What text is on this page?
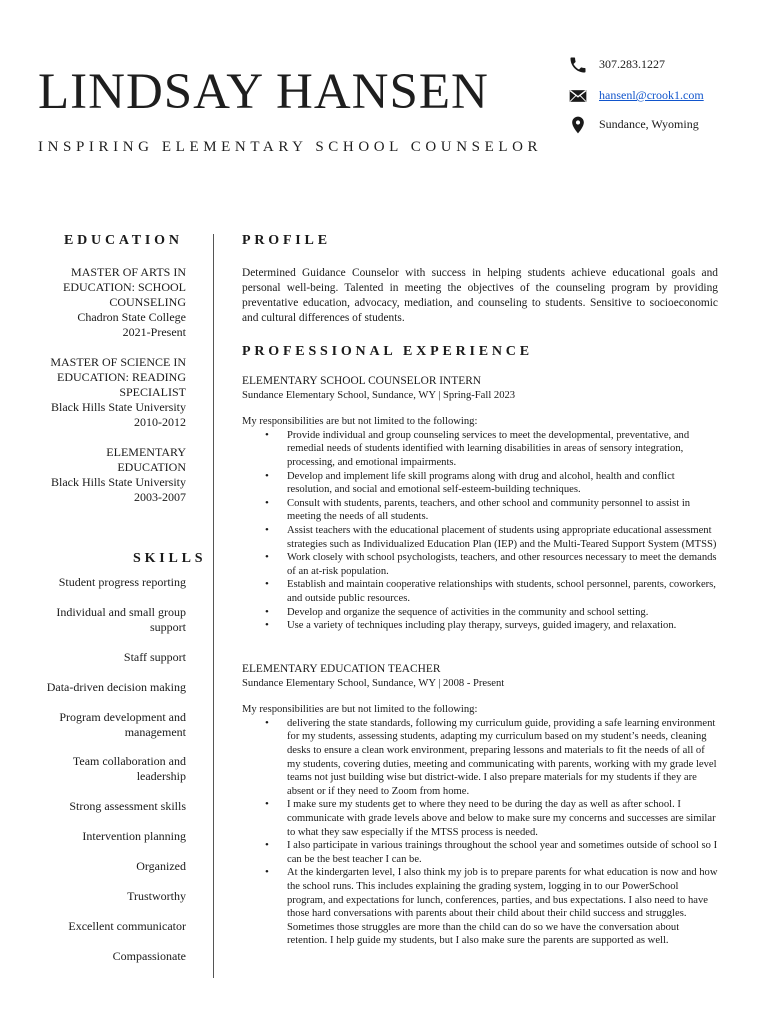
LINDSAY HANSEN
INSPIRING ELEMENTARY SCHOOL COUNSELOR
307.283.1227
hansenl@crook1.com
Sundance, Wyoming
EDUCATION
MASTER OF ARTS IN
EDUCATION: SCHOOL
COUNSELING
Chadron State College
2021-Present
MASTER OF SCIENCE IN
EDUCATION: READING
SPECIALIST
Black Hills State University
2010-2012
ELEMENTARY
EDUCATION
Black Hills State University
2003-2007
SKILLS
Student progress reporting
Individual and small group
support
Staff support
Data-driven decision making
Program development and
management
Team collaboration and
leadership
Strong assessment skills
Intervention planning
Organized
Trustworthy
Excellent communicator
Compassionate
PROFILE
Determined Guidance Counselor with success in helping students achieve educational goals and personal well-being. Talented in meeting the objectives of the counseling program by providing preventative education, advocacy, mediation, and counseling to students. Sensitive to socioeconomic and cultural differences of students.
PROFESSIONAL EXPERIENCE
ELEMENTARY SCHOOL COUNSELOR INTERN
Sundance Elementary School, Sundance, WY | Spring-Fall 2023
My responsibilities are but not limited to the following:
• Provide individual and group counseling services to meet the developmental, preventative, and remedial needs of students identified with learning disabilities in areas of sensory integration, processing, and emotional impairments.
• Develop and implement life skill programs along with drug and alcohol, health and conflict resolution, and social and emotional self-esteem-building techniques.
• Consult with students, parents, teachers, and other school and community personnel to assist in meeting the needs of all students.
• Assist teachers with the educational placement of students using appropriate educational assessment strategies such as Individualized Education Plan (IEP) and the Multi-Teared Support System (MTSS)
• Work closely with school psychologists, teachers, and other resources necessary to meet the demands of an at-risk population.
• Establish and maintain cooperative relationships with students, school personnel, parents, coworkers, and outside public resources.
• Develop and organize the sequence of activities in the community and school setting.
• Use a variety of techniques including play therapy, surveys, guided imagery, and relaxation.
ELEMENTARY EDUCATION TEACHER
Sundance Elementary School, Sundance, WY | 2008 - Present
My responsibilities are but not limited to the following:
• delivering the state standards, following my curriculum guide, providing a safe learning environment for my students, assessing students, adapting my curriculum based on my student’s needs, cleaning desks to ensure a clean work environment, preparing lessons and materials to fit the needs of all of my students, covering duties, meeting and communicating with parents, working with my grade level teams not just building wise but district-wide. I also prepare materials for my students if they are absent or if they need to Zoom from home.
• I make sure my students get to where they need to be during the day as well as after school. I communicate with grade levels above and below to make sure my concerns and successes are similar to what they saw especially if the MTSS process is needed.
• I also participate in various trainings throughout the school year and sometimes outside of school so I can be the best teacher I can be.
• At the kindergarten level, I also think my job is to prepare parents for what education is now and how the school runs. This includes explaining the grading system, logging in to our PowerSchool program, and expectations for lunch, conferences, parties, and bus expectations. I also need to have those hard conversations with parents about their child about their child success and struggles. Sometimes those struggles are more than the child can do so we have the conversation about retention. I help guide my students, but I also make sure the parents are supported as well.
